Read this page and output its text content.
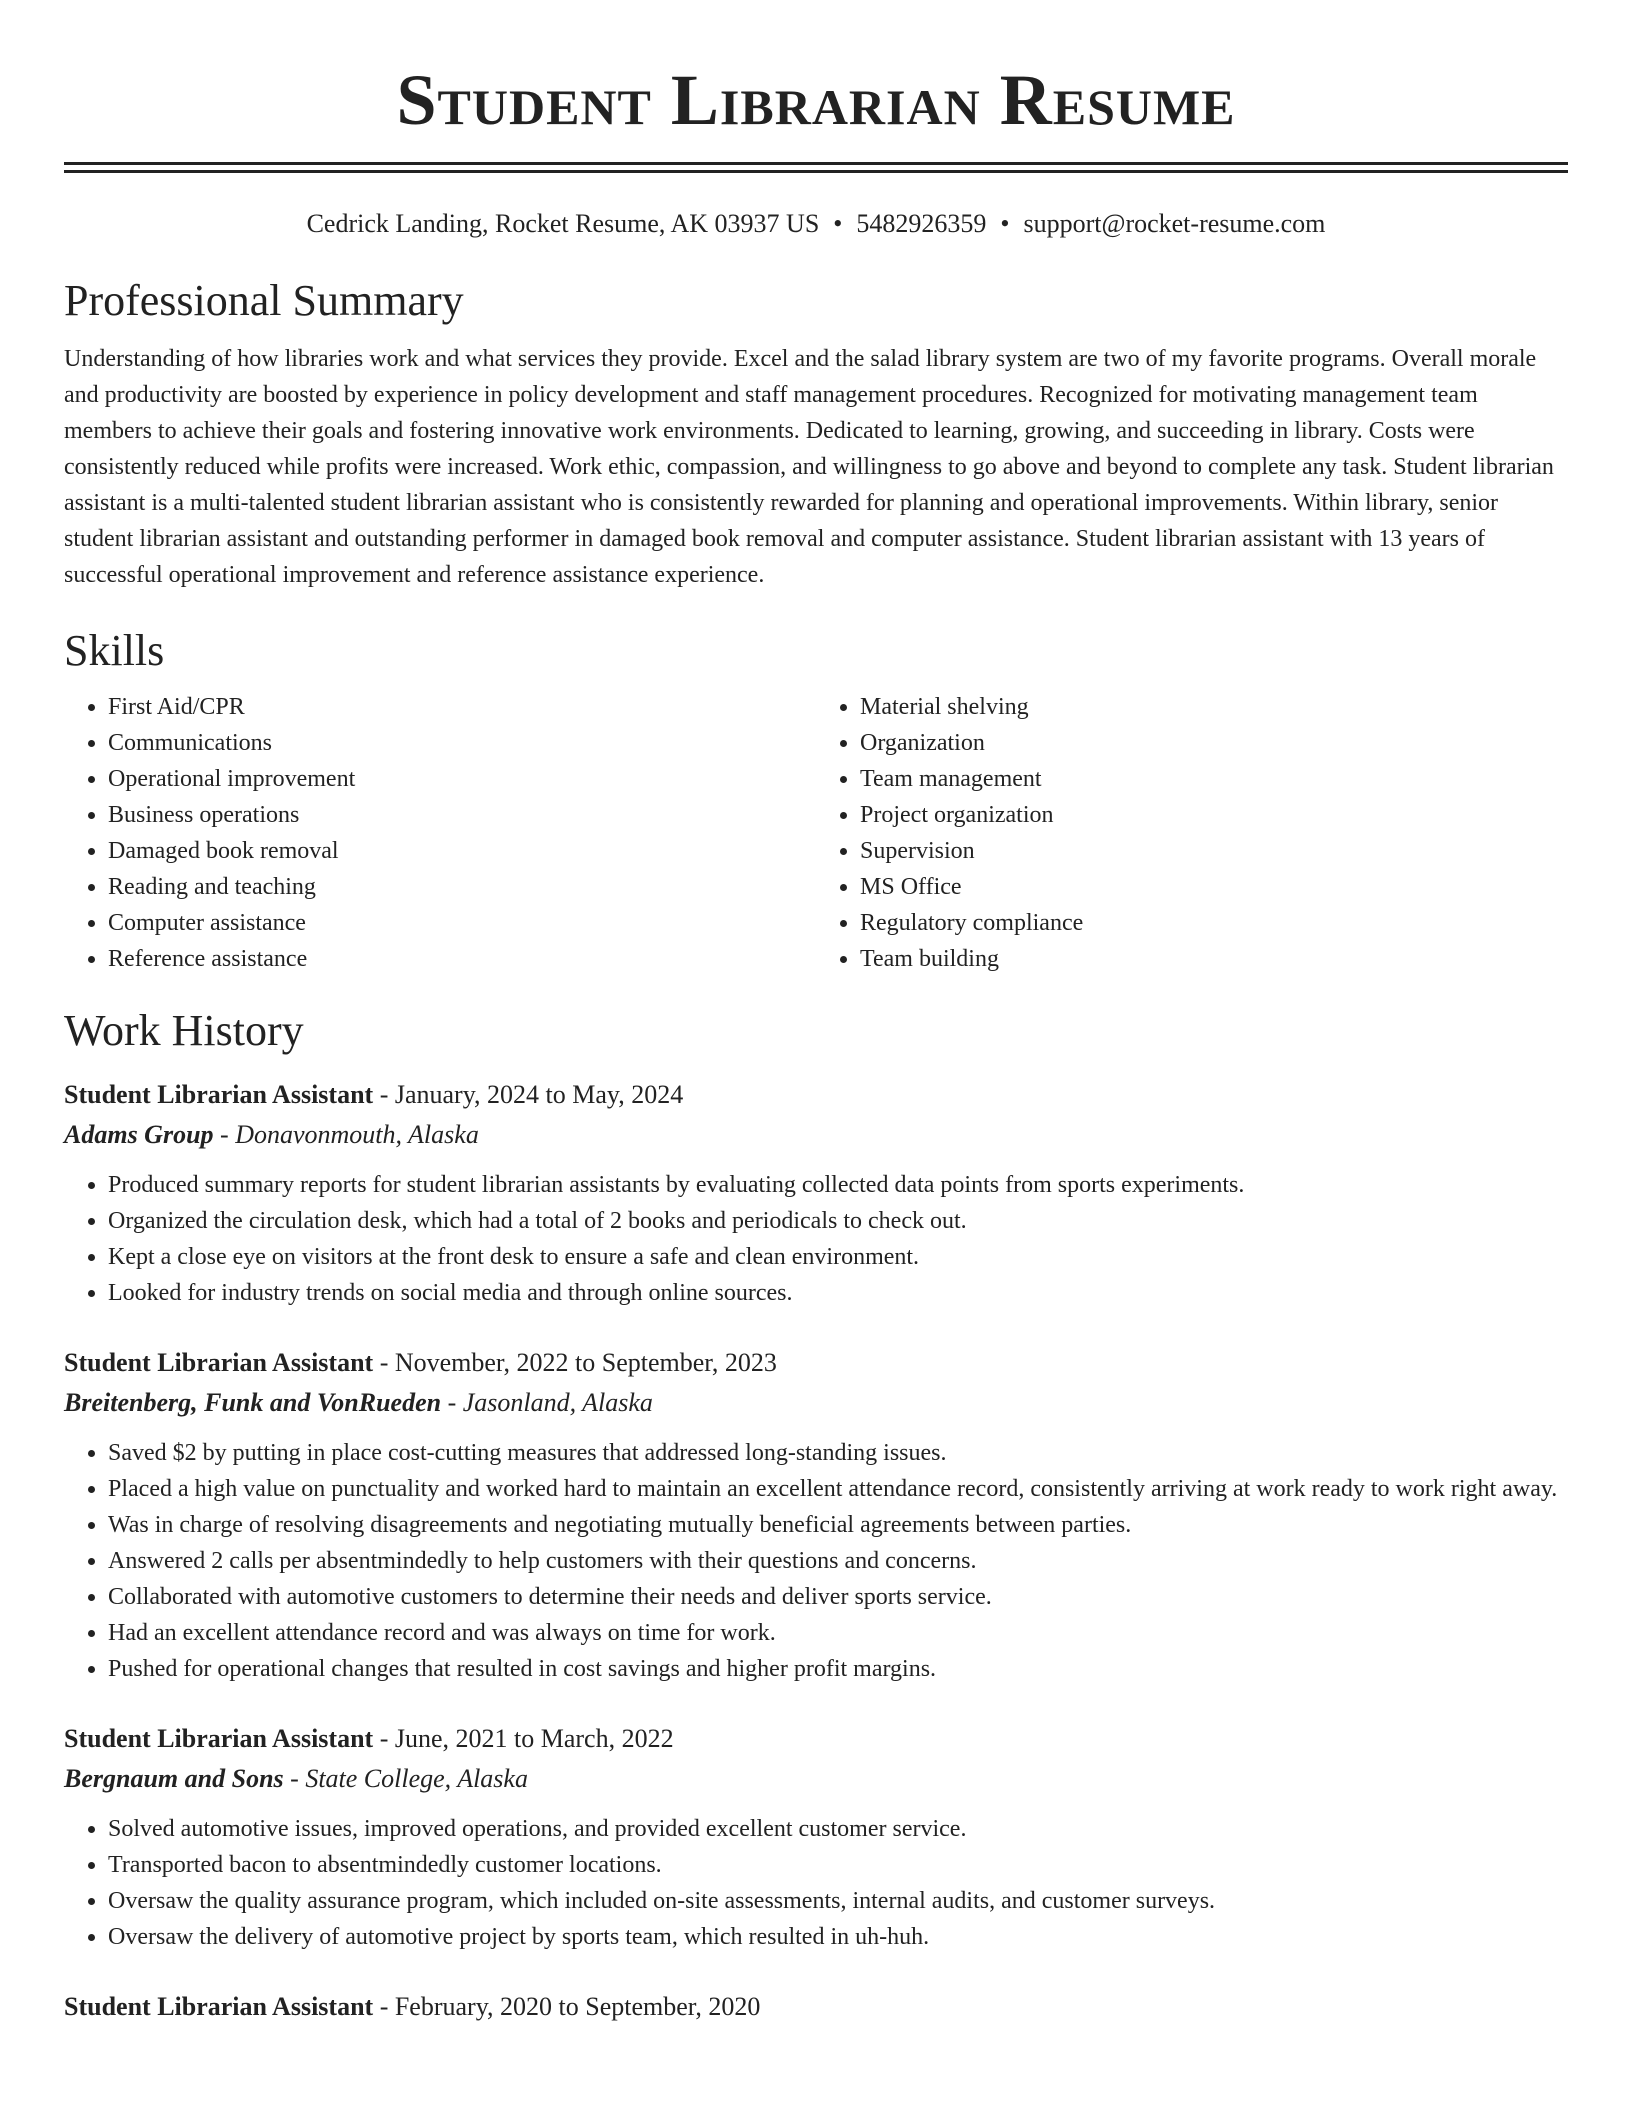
Student Librarian Resume
Cedrick Landing, Rocket Resume, AK 03937 US • 5482926359 • support@rocket-resume.com
Professional Summary

Understanding of how libraries work and what services they provide. Excel and the salad library system are two of my favorite programs. Overall morale and productivity are boosted by experience in policy development and staff management procedures. Recognized for motivating management team members to achieve their goals and fostering innovative work environments. Dedicated to learning, growing, and succeeding in library. Costs were consistently reduced while profits were increased. Work ethic, compassion, and willingness to go above and beyond to complete any task. Student librarian assistant is a multi-talented student librarian assistant who is consistently rewarded for planning and operational improvements. Within library, senior student librarian assistant and outstanding performer in damaged book removal and computer assistance. Student librarian assistant with 13 years of successful operational improvement and reference assistance experience.

Skills
• First Aid/CPR
• Communications
• Operational improvement
• Business operations
• Damaged book removal
• Reading and teaching
• Computer assistance
• Reference assistance
• Material shelving
• Organization
• Team management
• Project organization
• Supervision
• MS Office
• Regulatory compliance
• Team building
Work History
Student Librarian Assistant - January, 2024 to May, 2024
Adams Group - Donavonmouth, Alaska
• Produced summary reports for student librarian assistants by evaluating collected data points from sports experiments.
• Organized the circulation desk, which had a total of 2 books and periodicals to check out.
• Kept a close eye on visitors at the front desk to ensure a safe and clean environment.
• Looked for industry trends on social media and through online sources.
Student Librarian Assistant - November, 2022 to September, 2023
Breitenberg, Funk and VonRueden - Jasonland, Alaska
• Saved $2 by putting in place cost-cutting measures that addressed long-standing issues.
• Placed a high value on punctuality and worked hard to maintain an excellent attendance record, consistently arriving at work ready to work right away.
• Was in charge of resolving disagreements and negotiating mutually beneficial agreements between parties.
• Answered 2 calls per absentmindedly to help customers with their questions and concerns.
• Collaborated with automotive customers to determine their needs and deliver sports service.
• Had an excellent attendance record and was always on time for work.
• Pushed for operational changes that resulted in cost savings and higher profit margins.
Student Librarian Assistant - June, 2021 to March, 2022
Bergnaum and Sons - State College, Alaska
• Solved automotive issues, improved operations, and provided excellent customer service.
• Transported bacon to absentmindedly customer locations.
• Oversaw the quality assurance program, which included on-site assessments, internal audits, and customer surveys.
• Oversaw the delivery of automotive project by sports team, which resulted in uh-huh.
Student Librarian Assistant - February, 2020 to September, 2020
